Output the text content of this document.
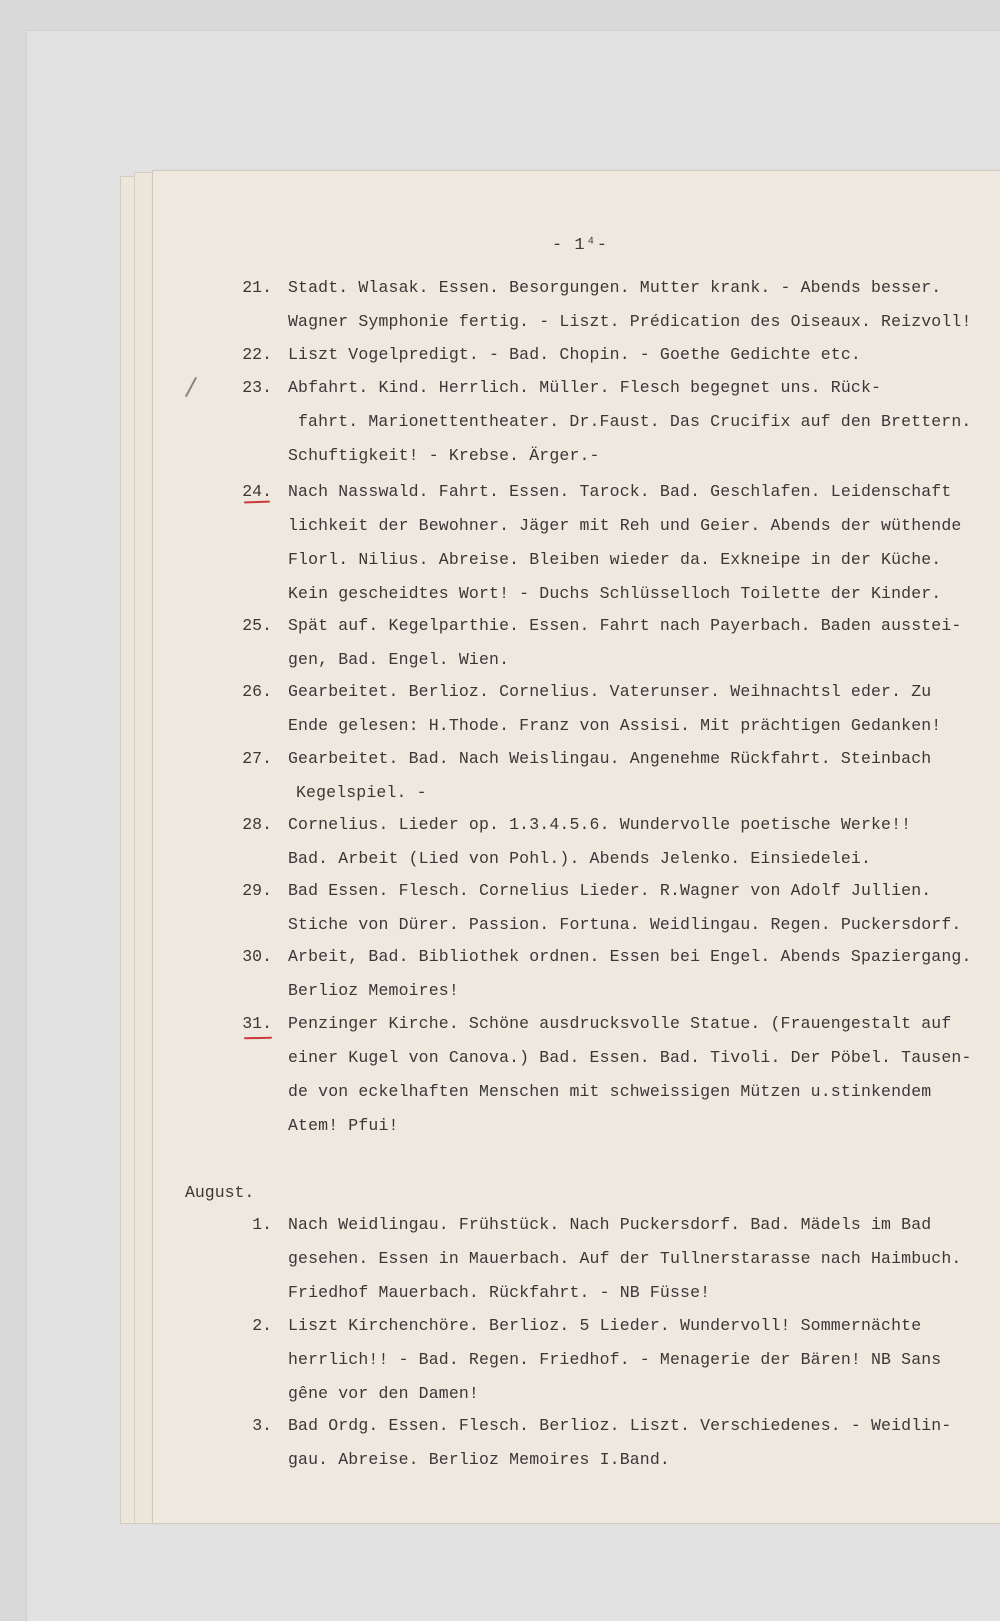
- 1⁴-
21. Stadt. Wlasak. Essen. Besorgungen. Mutter krank. - Abends besser.
Wagner Symphonie fertig. - Liszt. Prédication des Oiseaux. Reizvoll!
22. Liszt Vogelpredigt. - Bad. Chopin. - Goethe Gedichte etc.
23. Abfahrt. Kind. Herrlich. Müller. Flesch begegnet uns. Rück-
fahrt. Marionettentheater. Dr.Faust. Das Crucifix auf den Brettern.
Schuftigkeit! - Krebse. Ärger.-
24. Nach Nasswald. Fahrt. Essen. Tarock. Bad. Geschlafen. Leidenschaft
lichkeit der Bewohner. Jäger mit Reh und Geier. Abends der wüthende
Florl. Nilius. Abreise. Bleiben wieder da. Exkneipe in der Küche.
Kein gescheidtes Wort! - Duchs Schlüsselloch Toilette der Kinder.
25. Spät auf. Kegelparthie. Essen. Fahrt nach Payerbach. Baden ausstei-
gen, Bad. Engel. Wien.
26. Gearbeitet. Berlioz. Cornelius. Vaterunser. Weihnachtsl eder. Zu
Ende gelesen: H.Thode. Franz von Assisi. Mit prächtigen Gedanken!
27. Gearbeitet. Bad. Nach Weislingau. Angenehme Rückfahrt. Steinbach
Kegelspiel. -
28. Cornelius. Lieder op. 1.3.4.5.6. Wundervolle poetische Werke!!
Bad. Arbeit (Lied von Pohl.). Abends Jelenko. Einsiedelei.
29. Bad Essen. Flesch. Cornelius Lieder. R.Wagner von Adolf Jullien.
Stiche von Dürer. Passion. Fortuna. Weidlingau. Regen. Puckersdorf.
30. Arbeit, Bad. Bibliothek ordnen. Essen bei Engel. Abends Spaziergang.
Berlioz Memoires!
31. Penzinger Kirche. Schöne ausdrucksvolle Statue. (Frauengestalt auf
einer Kugel von Canova.) Bad. Essen. Bad. Tivoli. Der Pöbel. Tausen-
de von eckelhaften Menschen mit schweissigen Mützen u.stinkendem
Atem! Pfui!
1. Nach Weidlingau. Frühstück. Nach Puckersdorf. Bad. Mädels im Bad
gesehen. Essen in Mauerbach. Auf der Tullnerstarasse nach Haimbuch.
Friedhof Mauerbach. Rückfahrt. - NB Füsse!
2. Liszt Kirchenchöre. Berlioz. 5 Lieder. Wundervoll! Sommernächte
herrlich!! - Bad. Regen. Friedhof. - Menagerie der Bären! NB Sans
gêne vor den Damen!
3. Bad Ordg. Essen. Flesch. Berlioz. Liszt. Verschiedenes. - Weidlin-
gau. Abreise. Berlioz Memoires I.Band.
August.
